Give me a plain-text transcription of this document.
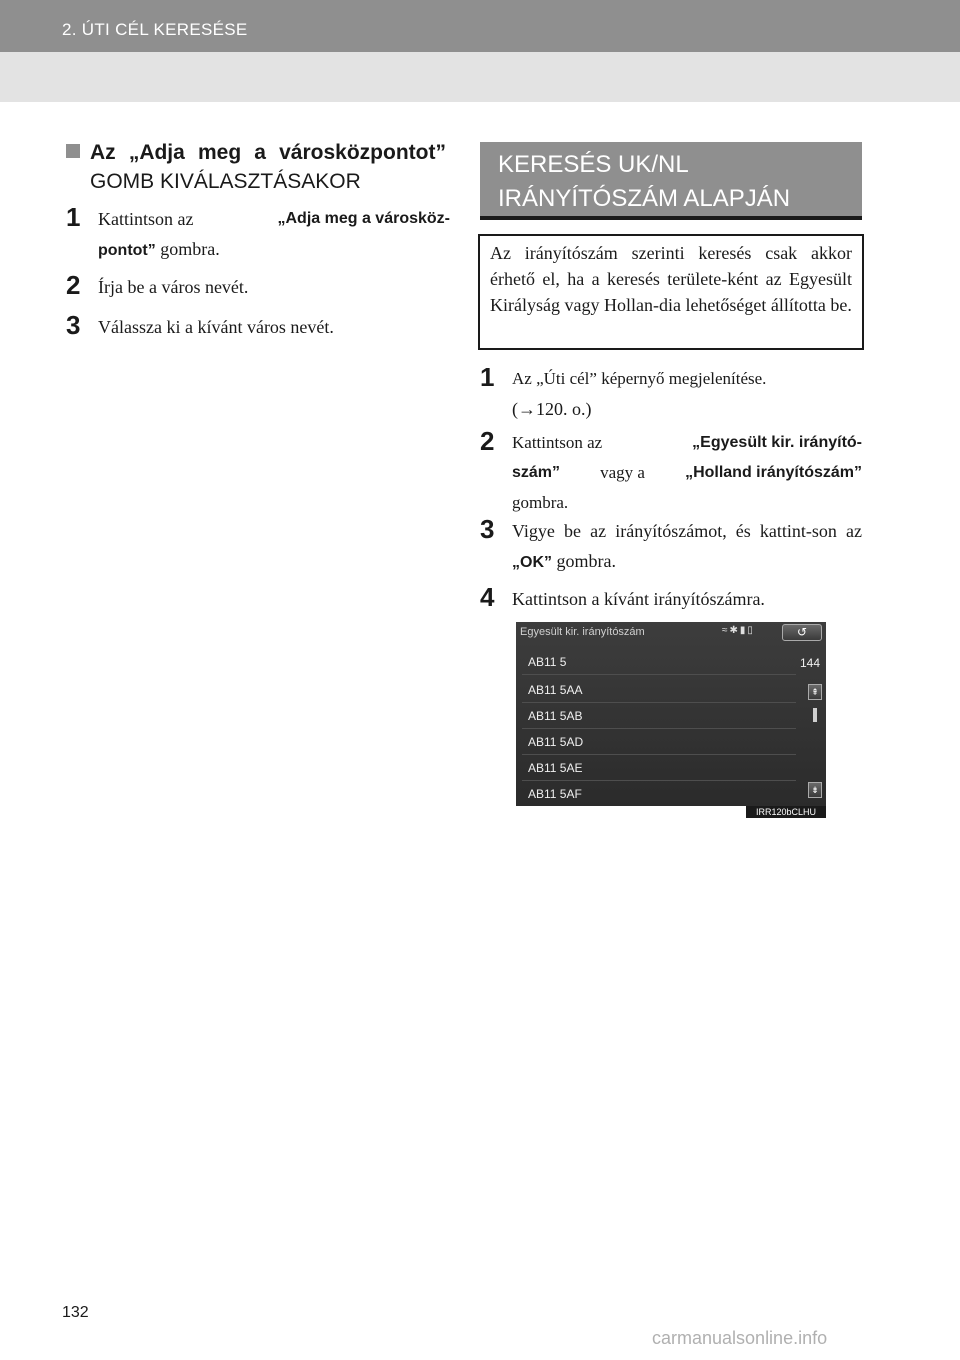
2. ÚTI CÉL KERESÉSE
Az „Adja meg a városközpontot”
GOMB KIVÁLASZTÁSAKOR
1 Kattintson az	„Adja meg a városköz-
pontot” gombra.
2 Írja be a város nevét.
3 Válassza ki a kívánt város nevét.
KERESÉS UK/NL
IRÁNYÍTÓSZÁM ALAPJÁN
Az irányítószám szerinti keresés csak akkor érhető el, ha a keresés területe-ként az Egyesült Királyság vagy Hollan-dia lehetőséget állította be.
1 Az „Úti cél” képernyő megjelenítése.
(→120. o.)
2 Kattintson az	„Egyesült kir. irányító-
szám” vagy a	„Holland irányítószám”
gombra.
3 Vigye be az irányítószámot, és kattint-son az „OK” gombra.
4 Kattintson a kívánt irányítószámra.
Egyesült kir. irányítószám	≈✱▮▯	↺
144
AB11 5
AB11 5AA
AB11 5AB
AB11 5AD
AB11 5AE
AB11 5AF
⇞
⇟
IRR120bCLHU
132
carmanualsonline.info
